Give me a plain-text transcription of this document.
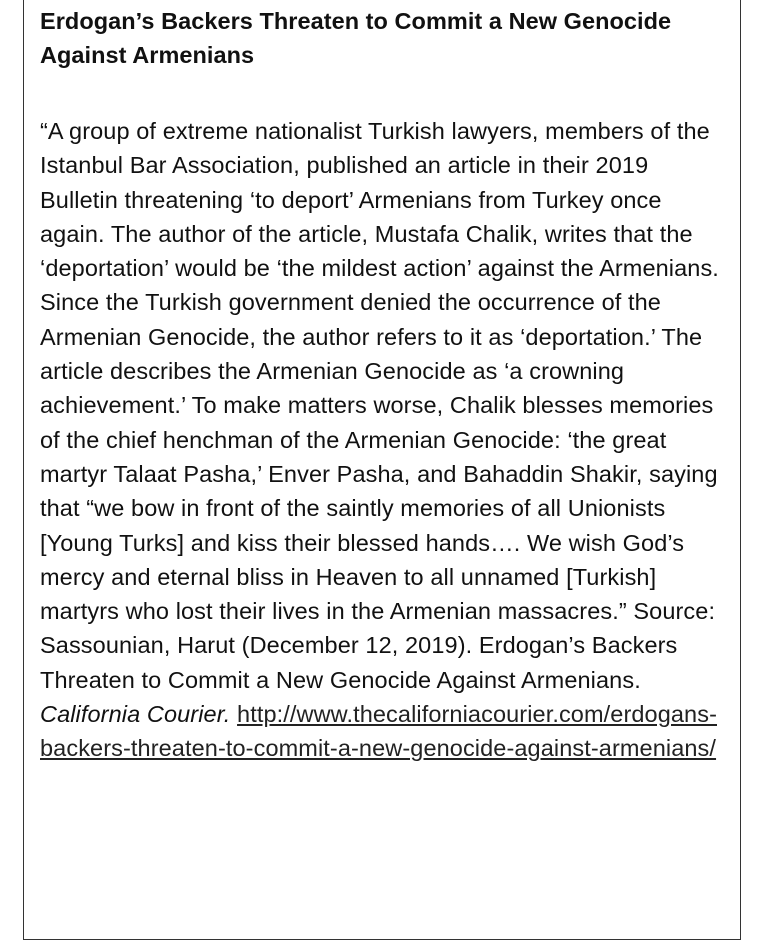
Erdogan’s Backers Threaten to Commit a New Genocide Against Armenians
“A group of extreme nationalist Turkish lawyers, members of the Istanbul Bar Association, published an article in their 2019 Bulletin threatening ‘to deport’ Armenians from Turkey once again. The author of the article, Mustafa Chalik, writes that the ‘deportation’ would be ‘the mildest action’ against the Armenians. Since the Turkish government denied the occurrence of the Armenian Genocide, the author refers to it as ‘deportation.’ The article describes the Armenian Genocide as ‘a crowning achievement.’ To make matters worse, Chalik blesses memories of the chief henchman of the Armenian Genocide: ‘the great martyr Talaat Pasha,’ Enver Pasha, and Bahaddin Shakir, saying that “we bow in front of the saintly memories of all Unionists [Young Turks] and kiss their blessed hands…. We wish God’s mercy and eternal bliss in Heaven to all unnamed [Turkish] martyrs who lost their lives in the Armenian massacres.” Source: Sassounian, Harut (December 12, 2019). Erdogan’s Backers Threaten to Commit a New Genocide Against Armenians. California Courier. http://www.thecaliforniacourier.com/erdogans-backers-threaten-to-commit-a-new-genocide-against-armenians/
